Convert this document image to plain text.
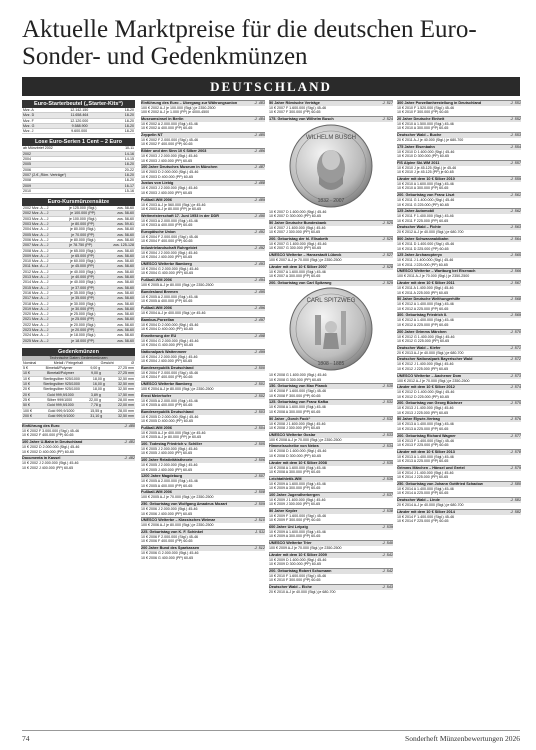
Aktuelle Marktpreise für die deutschen Euro-Sonder- und Gedenkmünzen
DEUTSCHLAND
Euro-Starterbeutel („Starter-Kits“)
Mzz. A	12.142.150	18-20
Mzz. D	11.658.464	18-20
Mzz. F	12.120.000	18-20
Mzz. G	9.588.900	18-20
Mzz. J	9.600.000	18-20
Lose Euro-Serien 1 Cent – 2 Euro
ab Münzbrief 2002	10-11
2002	14-16
2004	14-15
2005	18-20
2006	20-22
2007 (2-€ „Röm. Verträge“)	18-20
2008	18-20
2009	16-17
2010	15-16
Euro-Kursmünzensätze
2002 Mzz. A – J	je 125.000 (Stgl.)	zus. 58-60
2002 Mzz. A – J	je 100.000 (PP)	zus. 58-60
2003 Mzz. A – J	je 100.000 (Stgl.)	zus. 58-60
2003 Mzz. A – J	je 80.000 (PP)	zus. 59-61
2004 Mzz. A – J	je 80.000 (Stgl.)	zus. 58-60
2005 Mzz. A – J	je 70.000 (PP)	zus. 58-60
2006 Mzz. A – J	je 80.000 (Stgl.)	zus. 58-60
2007 Mzz. A – J	je 78.750 (PP)	zus. 125-128
2008 Mzz. A – J	je 65.000 (Stgl.)	zus. 58-60
2009 Mzz. A – J	je 65.000 (PP)	zus. 58-60
2010 Mzz. A – J	je 60.000 (Stgl.)	zus. 58-60
2011 Mzz. A – J	je 45.000 (PP)	zus. 58-60
2012 Mzz. A – J	je 40.000 (Stgl.)	zus. 58-60
2013 Mzz. A – J	je 40.000 (PP)	zus. 58-60
2014 Mzz. A – J	je 40.000 (Stgl.)	zus. 58-60
2015 Mzz. A – J	je 37.000 (PP)	zus. 58-60
2016 Mzz. A – J	je 35.000 (Stgl.)	zus. 58-60
2017 Mzz. A – J	je 35.000 (PP)	zus. 58-60
2018 Mzz. A – J	je 30.000 (Stgl.)	zus. 58-60
2019 Mzz. A – J	je 30.000 (PP)	zus. 58-60
2020 Mzz. A – J	je 25.000 (Stgl.)	zus. 58-60
2021 Mzz. A – J	je 25.000 (PP)	zus. 58-60
2022 Mzz. A – J	je 20.000 (Stgl.)	zus. 58-60
2023 Mzz. A – J	je 20.000 (PP)	zus. 58-60
2024 Mzz. A – J	je 18.000 (Stgl.)	zus. 58-60
2025 Mzz. A – J	je 18.000 (PP)	zus. 58-60
Gedenkmünzen
Technische Daten Gedenkmünzen
Nominal	Metall / Feingehalt	Gewicht	Ø
5 €	Bimetall/Polymer	9,00 g	27,25 mm
10 €	Bimetall/Polymer	9,00 g	27,25 mm
10 €	Sterlingsilber 925/1000	18,00 g	32,50 mm
10 €	Sterlingsilber 925/1000	16,00 g	32,50 mm
20 €	Sterlingsilber 925/1000	18,00 g	32,50 mm
20 €	Gold 999,9/1000	3,89 g	17,50 mm
25 €	Silber 999/1000	22,00 g	28,00 mm
50 €	Gold 999,9/1000	7,78 g	22,00 mm
100 €	Gold 999,9/1000	15,55 g	28,00 mm
200 €	Gold 999,9/1000	31,10 g	32,50 mm
Einführung des Euro	J. 480
10 € 2002 F 3.000.000 (Stgl.) 45-46
10 € 2002 F 400.000 (PP) 60-65
100 Jahre U-Bahn in Deutschland	J. 481
10 € 2002 D 2.000.000 (Stgl.) 45-46
10 € 2002 D 400.000 (PP) 60-65
Documenta in Kassel	J. 482
10 € 2002 J 2.000.000 (Stgl.) 45-46
10 € 2002 J 400.000 (PP) 60-65
Einführung des Euro – Übergang zur Währungsunion	J. 483
100 € 2002 A-J je 100.000 (Stgl.) je 2350-2500
100 € 2002 A-J je 1.000 (PP) je 4000-4500
Museumsinsel in Berlin	J. 484
10 € 2002 A 2.000.000 (Stgl.) 45-46
10 € 2002 A 400.000 (PP) 60-65
Zeppelin NT	J. 485
10 € 2002 F 2.000.000 (Stgl.) 45-46
10 € 2002 F 400.000 (PP) 60-65
Bilder und den Sinn 10 € Silber 2003	J. 486
10 € 2003 J 2.000.000 (Stgl.) 45-46
10 € 2003 J 400.000 (PP) 60-65
100 Jahre Deutsches Museum in München	J. 487
10 € 2003 D 2.000.000 (Stgl.) 45-46
10 € 2003 D 400.000 (PP) 60-65
Justus von Liebig	J. 488
10 € 2003 J 2.000.000 (Stgl.) 45-46
10 € 2003 J 400.000 (PP) 60-65
Fußball-WM 2006	J. 489
10 € 2003 A-J je 560.000 (Stgl.) je 45-46
10 € 2003 A-J je 80.000 (PP) je 60-65
Weltmeisterschaft 17. Juni 1953 in der DDR	J. 490
10 € 2003 A 2.000.000 (Stgl.) 45-46
10 € 2003 A 400.000 (PP) 60-65
Europäische Union	J. 491
10 € 2004 F 2.000.000 (Stgl.) 45-46
10 € 2004 F 400.000 (PP) 60-65
Industrielandschaft Ruhrgebiet	J. 492
10 € 2004 J 2.000.000 (Stgl.) 45-46
10 € 2004 J 400.000 (PP) 60-65
UNESCO Welterbe Bamberg	J. 493
10 € 2004 G 2.000.000 (Stgl.) 45-46
10 € 2004 G 400.000 (PP) 60-65
Fußball-WM 2006	J. 494
100 € 2005 A-J je 80.000 (Stgl.) je 2350-2500
Bundesland Bremen	J. 495
10 € 2005 A 2.000.000 (Stgl.) 45-46
10 € 2005 A 400.000 (PP) 60-65
Fußball-WM 2006	J. 496
10 € 2004 A-J je 400.000 (Stgl.) je 45-46
Bambus-Porzellan	J. 497
10 € 2004 D 2.000.000 (Stgl.) 45-46
10 € 2004 D 400.000 (PP) 60-65
Erweiterung der EU	J. 498
10 € 2004 G 2.000.000 (Stgl.) 45-46
10 € 2004 G 400.000 (PP) 60-65
Nationalpark Wattenmeer	J. 499
10 € 2004 J 2.000.000 (Stgl.) 45-46
10 € 2004 J 400.000 (PP) 60-65
Bundesrepublik Deutschland	J. 500
10 € 2004 F 2.000.000 (Stgl.) 45-46
10 € 2004 F 400.000 (PP) 60-65
UNESCO Welterbe Bamberg	J. 501
100 € 2004 A-J je 80.000 (Stgl.) je 2350-2500
Ernst Meierhofer	J. 502
10 € 2005 A 2.000.000 (Stgl.) 45-46
10 € 2005 A 400.000 (PP) 60-65
Bundesrepublik Deutschland	J. 503
10 € 2005 D 2.000.000 (Stgl.) 45-46
10 € 2005 D 400.000 (PP) 60-65
Fußball-WM 2006	J. 504
10 € 2005 A-J je 400.000 (Stgl.) je 45-46
10 € 2005 A-J je 80.000 (PP) je 60-65
100. Todestag Friedrich v. Schiller	J. 505
10 € 2005 J 2.000.000 (Stgl.) 45-46
10 € 2005 J 400.000 (PP) 60-65
100 Jahre Relativitätstheorie	J. 506
10 € 2005 J 2.000.000 (Stgl.) 45-46
10 € 2005 J 400.000 (PP) 60-65
1200 Jahre Magdeburg	J. 507
10 € 2005 A 2.000.000 (Stgl.) 45-46
10 € 2005 A 400.000 (PP) 60-65
Fußball-WM 2006	J. 508
100 € 2005 A-J je 70.000 (Stgl.) je 2350-2500
250. Geburtstag von Wolfgang Amadeus Mozart	J. 509
10 € 2006 J 2.000.000 (Stgl.) 45-46
10 € 2006 J 400.000 (PP) 60-65
UNESCO Welterbe – Klassisches Weimar	J. 510
100 € 2006 A-J je 80.000 (Stgl.) je 2350-2500
225. Geburtstag von K. F. Schinkel	J. 511
10 € 2006 F 2.000.000 (Stgl.) 45-46
10 € 2006 F 400.000 (PP) 60-65
200 Jahre Bund des Sparkassen	J. 512
10 € 2006 G 2.000.000 (Stgl.) 45-46
10 € 2006 G 400.000 (PP) 60-65
50 Jahre Römische Verträge	J. 517
10 € 2007 F 1.600.000 (Stgl.) 45-46
10 € 2007 F 300.000 (PP) 60-65
175. Geburtstag von Wilhelm Busch	J. 524
WILHELM BUSCH
1832 · 2007
10 € 2007 D 1.600.000 (Stgl.) 45-46
10 € 2007 D 300.000 (PP) 60-65
50 Jahre Deutsche Bundesbank	J. 525
10 € 2007 J 1.600.000 (Stgl.) 45-46
10 € 2007 J 300.000 (PP) 60-65
200. Geburtstag der hl. Elisabeth	J. 526
10 € 2007 G 1.600.000 (Stgl.) 45-46
10 € 2007 G 300.000 (PP) 60-65
UNESCO Welterbe – Hansestadt Lübeck	J. 527
100 € 2007 A-J je 70.000 (Stgl.) je 2350-2500
Länder mit dem 10 € Silber 2007	J. 528
10 € 2007 A 1.600.000 (Stgl.) 45-46
10 € 2007 A 300.000 (PP) 60-65
200. Geburtstag von Carl Spitzweg	J. 529
CARL SPITZWEG
1808 · 1885
10 € 2008 G 1.600.000 (Stgl.) 45-46
10 € 2008 G 300.000 (PP) 60-65
150. Geburtstag von Max Planck	J. 530
10 € 2008 F 1.600.000 (Stgl.) 45-46
10 € 2008 F 300.000 (PP) 60-65
125. Geburtstag von Franz Kafka	J. 531
10 € 2008 A 1.600.000 (Stgl.) 45-46
10 € 2008 A 300.000 (PP) 60-65
50 Jahre „Gorch Fock“	J. 532
10 € 2008 J 1.600.000 (Stgl.) 45-46
10 € 2008 J 300.000 (PP) 60-65
UNESCO Welterbe Goslar	J. 533
100 € 2008 A-J je 70.000 (Stgl.) je 2350-2500
Himmelsscheibe von Nebra	J. 534
10 € 2008 D 1.600.000 (Stgl.) 45-46
10 € 2008 D 300.000 (PP) 60-65
Länder mit dem 10 € Silber 2008	J. 535
10 € 2008 A 1.600.000 (Stgl.) 45-46
10 € 2008 A 300.000 (PP) 60-65
Leichtathletik-WM	J. 536
10 € 2009 A 1.600.000 (Stgl.) 45-46
10 € 2009 A 300.000 (PP) 60-65
100 Jahre Jugendherbergen	J. 537
10 € 2009 J 1.600.000 (Stgl.) 45-46
10 € 2009 J 300.000 (PP) 60-65
50 Jahre Kepler	J. 538
10 € 2009 F 1.600.000 (Stgl.) 45-46
10 € 2009 F 300.000 (PP) 60-65
600 Jahre Uni Leipzig	J. 539
10 € 2009 A 1.600.000 (Stgl.) 45-46
10 € 2009 A 300.000 (PP) 60-65
UNESCO Welterbe Trier	J. 540
100 € 2009 A-J je 70.000 (Stgl.) je 2350-2500
Länder mit dem 10 € Silber 2009	J. 541
10 € 2009 D 1.600.000 (Stgl.) 45-46
10 € 2009 D 300.000 (PP) 60-65
200. Geburtstag Robert Schumann	J. 542
10 € 2010 F 1.600.000 (Stgl.) 45-46
10 € 2010 F 300.000 (PP) 60-65
Deutscher Wald – Eiche	J. 543
20 € 2010 A-J je 40.000 (Stgl.) je 680-700
300 Jahre Porzellanherstellung in Deutschland	J. 551
10 € 2010 F 1.520.000 (Stgl.) 45-46
10 € 2010 F 300.000 (PP) 60-65
20 Jahre Deutsche Einheit	J. 552
10 € 2010 A 1.500.000 (Stgl.) 45-46
10 € 2010 A 300.000 (PP) 60-65
Deutscher Wald – Buche	J. 553
20 € 2011 A-J je 40.000 (Stgl.) je 680-700
175 Jahre Eisenbahn	J. 554
10 € 2010 D 1.600.000 (Stgl.) 45-46
10 € 2010 D 300.000 (PP) 60-65
FIS Alpine Ski-WM 2011	J. 557
10 € 2010 J je 45.125 (Stgl.) je 45-46
10 € 2010 J je 45.125 (PP) je 60-65
Länder mit dem 10 € Silber 2010	J. 559
10 € 2010 A 1.600.000 (Stgl.) 45-46
10 € 2010 A 300.000 (PP) 60-65
200. Geburtstag von Franz Liszt	J. 561
10 € 2011 G 1.400.000 (Stgl.) 45-46
10 € 2011 G 225.000 (PP) 60-65
125 Jahre Automobil	J. 562
10 € 2011 F 1.400.000 (Stgl.) 45-46
10 € 2011 F 225.000 (PP) 60-65
Deutscher Wald – Fichte	J. 563
20 € 2012 A-J je 40.000 (Stgl.) je 680-700
500 Jahre Schwarzwaldbahn	J. 564
10 € 2011 D 1.400.000 (Stgl.) 45-46
10 € 2011 D 225.000 (PP) 60-65
125 Jahre Archaeopteryx	J. 565
10 € 2011 J 1.400.000 (Stgl.) 45-46
10 € 2011 J 225.000 (PP) 60-65
UNESCO Welterbe – Wartburg bei Eisenach	J. 566
100 € 2011 A-J je 70.000 (Stgl.) je 2350-2500
Länder mit dem 10 € Silber 2011	J. 567
10 € 2011 A 1.400.000 (Stgl.) 45-46
10 € 2011 A 225.000 (PP) 60-65
50 Jahre Deutsche Welthungerhilfe	J. 568
10 € 2012 A 1.400.000 (Stgl.) 45-46
10 € 2012 A 225.000 (PP) 60-65
300. Geburtstag Friedrich II.	J. 569
10 € 2012 A 1.400.000 (Stgl.) 45-46
10 € 2012 A 225.000 (PP) 60-65
200 Jahre Grimms Märchen	J. 570
10 € 2012 G 1.400.000 (Stgl.) 45-46
10 € 2012 G 225.000 (PP) 60-65
Deutscher Wald – Kiefer	J. 571
20 € 2013 A-J je 40.000 (Stgl.) je 680-700
Deutscher Nationalpark Bayerischer Wald	J. 572
10 € 2012 J 1.400.000 (Stgl.) 45-46
10 € 2012 J 225.000 (PP) 60-65
UNESCO Welterbe – Aachener Dom	J. 573
100 € 2012 A-J je 70.000 (Stgl.) je 2350-2500
Länder mit dem 10 € Silber 2012	J. 574
10 € 2012 D 1.400.000 (Stgl.) 45-46
10 € 2012 D 225.000 (PP) 60-65
200. Geburtstag von Georg Büchner	J. 575
10 € 2013 J 1.400.000 (Stgl.) 45-46
10 € 2013 J 225.000 (PP) 60-65
50 Jahre Élysée-Vertrag	J. 576
10 € 2013 A 1.400.000 (Stgl.) 45-46
10 € 2013 A 225.000 (PP) 60-65
200. Geburtstag Richard Wagner	J. 577
10 € 2013 F 1.400.000 (Stgl.) 45-46
10 € 2013 F 225.000 (PP) 60-65
Länder mit dem 10 € Silber 2013	J. 578
10 € 2013 A 1.400.000 (Stgl.) 45-46
10 € 2013 A 225.000 (PP) 60-65
Grimms Märchen – Hänsel und Gretel	J. 579
10 € 2014 J 1.400.000 (Stgl.) 45-46
10 € 2014 J 225.000 (PP) 60-65
250. Geburtstag von Johann Gottfried Schadow	J. 580
10 € 2014 A 1.400.000 (Stgl.) 45-46
10 € 2014 A 225.000 (PP) 60-65
Deutscher Wald – Linde	J. 581
20 € 2014 A-J je 40.000 (Stgl.) je 680-700
Länder mit dem 10 € Silber 2014	J. 582
10 € 2014 F 1.400.000 (Stgl.) 45-46
10 € 2014 F 225.000 (PP) 60-65
74	Sonderheft Münzenbewertungen 2026
